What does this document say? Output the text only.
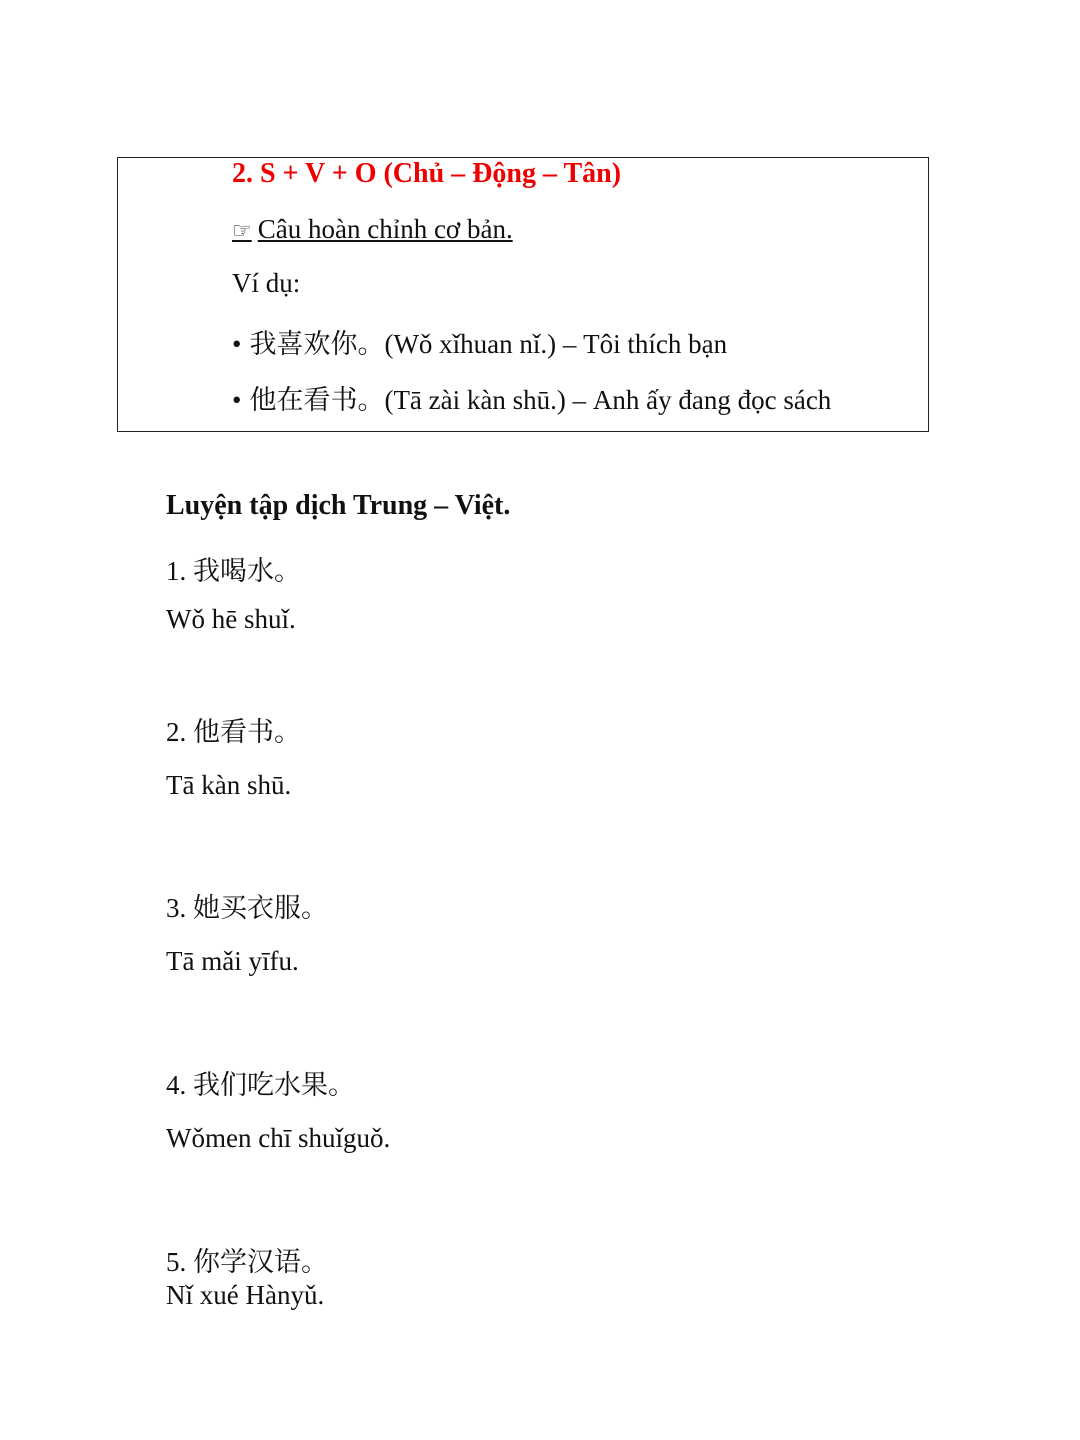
2. S + V + O (Chủ – Động – Tân)
☞ Câu hoàn chỉnh cơ bản.
Ví dụ:
• 我喜欢你。(Wǒ xǐhuan nǐ.) – Tôi thích bạn
• 他在看书。(Tā zài kàn shū.) – Anh ấy đang đọc sách
Luyện tập dịch Trung – Việt.
1. 我喝水。
Wǒ hē shuǐ.
2. 他看书。
Tā kàn shū.
3. 她买衣服。
Tā mǎi yīfu.
4. 我们吃水果。
Wǒmen chī shuǐguǒ.
5. 你学汉语。
Nǐ xué Hànyǔ.
